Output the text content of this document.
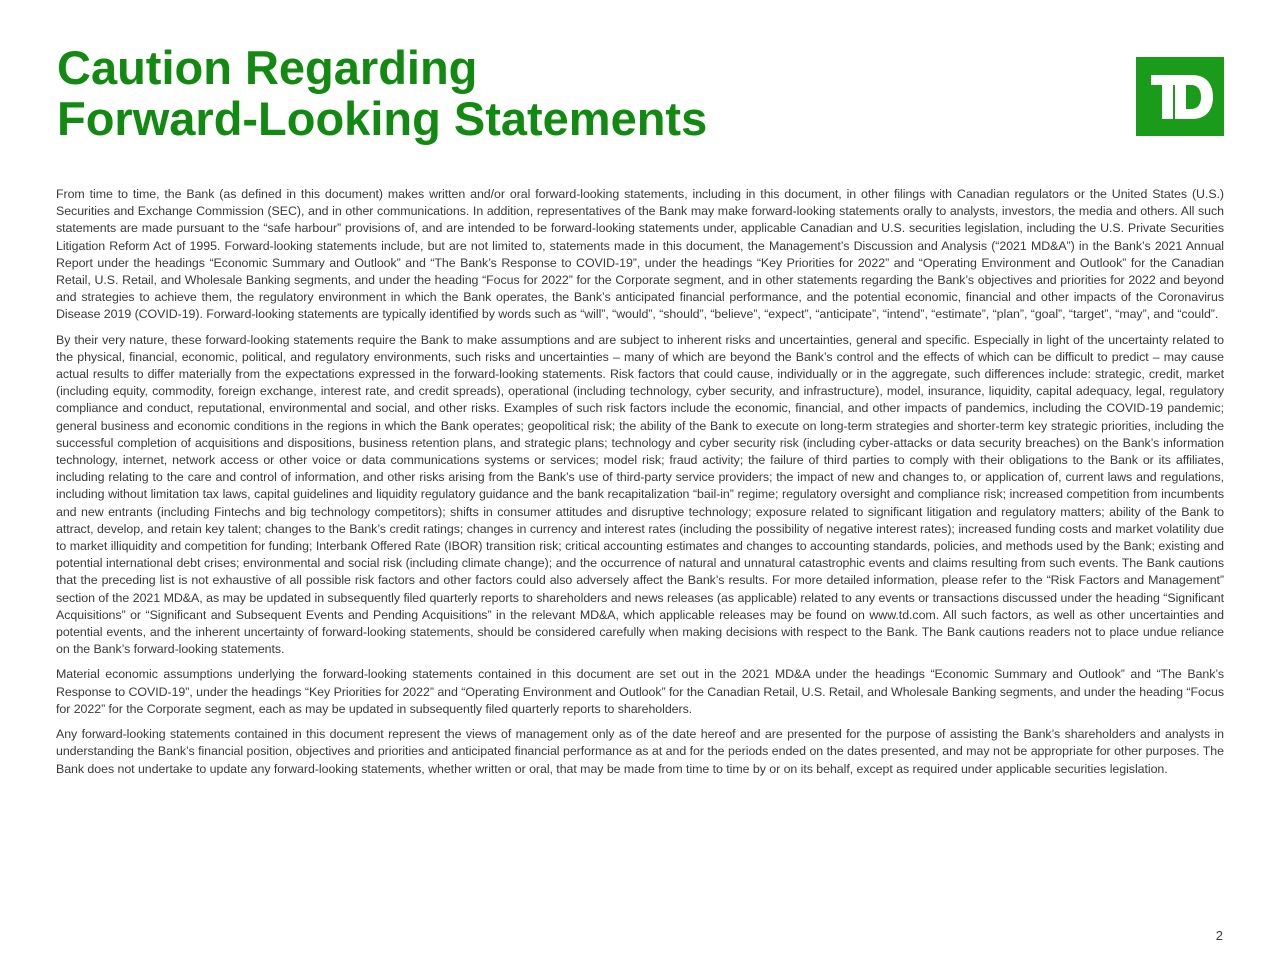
Caution Regarding
Forward-Looking Statements

From time to time, the Bank (as defined in this document) makes written and/or oral forward-looking statements, including in this document, in other filings with Canadian regulators or the United States (U.S.) Securities and Exchange Commission (SEC), and in other communications. In addition, representatives of the Bank may make forward-looking statements orally to analysts, investors, the media and others. All such statements are made pursuant to the “safe harbour” provisions of, and are intended to be forward-looking statements under, applicable Canadian and U.S. securities legislation, including the U.S. Private Securities Litigation Reform Act of 1995. Forward-looking statements include, but are not limited to, statements made in this document, the Management’s Discussion and Analysis (“2021 MD&A”) in the Bank’s 2021 Annual Report under the headings “Economic Summary and Outlook” and “The Bank’s Response to COVID-19”, under the headings “Key Priorities for 2022” and “Operating Environment and Outlook” for the Canadian Retail, U.S. Retail, and Wholesale Banking segments, and under the heading “Focus for 2022” for the Corporate segment, and in other statements regarding the Bank’s objectives and priorities for 2022 and beyond and strategies to achieve them, the regulatory environment in which the Bank operates, the Bank’s anticipated financial performance, and the potential economic, financial and other impacts of the Coronavirus Disease 2019 (COVID-19). Forward-looking statements are typically identified by words such as “will”, “would”, “should”, “believe”, “expect”, “anticipate”, “intend”, “estimate”, “plan”, “goal”, “target”, “may”, and “could”.

By their very nature, these forward-looking statements require the Bank to make assumptions and are subject to inherent risks and uncertainties, general and specific. Especially in light of the uncertainty related to the physical, financial, economic, political, and regulatory environments, such risks and uncertainties – many of which are beyond the Bank’s control and the effects of which can be difficult to predict – may cause actual results to differ materially from the expectations expressed in the forward-looking statements. Risk factors that could cause, individually or in the aggregate, such differences include: strategic, credit, market (including equity, commodity, foreign exchange, interest rate, and credit spreads), operational (including technology, cyber security, and infrastructure), model, insurance, liquidity, capital adequacy, legal, regulatory compliance and conduct, reputational, environmental and social, and other risks. Examples of such risk factors include the economic, financial, and other impacts of pandemics, including the COVID-19 pandemic; general business and economic conditions in the regions in which the Bank operates; geopolitical risk; the ability of the Bank to execute on long-term strategies and shorter-term key strategic priorities, including the successful completion of acquisitions and dispositions, business retention plans, and strategic plans; technology and cyber security risk (including cyber-attacks or data security breaches) on the Bank’s information technology, internet, network access or other voice or data communications systems or services; model risk; fraud activity; the failure of third parties to comply with their obligations to the Bank or its affiliates, including relating to the care and control of information, and other risks arising from the Bank’s use of third-party service providers; the impact of new and changes to, or application of, current laws and regulations, including without limitation tax laws, capital guidelines and liquidity regulatory guidance and the bank recapitalization “bail-in” regime; regulatory oversight and compliance risk; increased competition from incumbents and new entrants (including Fintechs and big technology competitors); shifts in consumer attitudes and disruptive technology; exposure related to significant litigation and regulatory matters; ability of the Bank to attract, develop, and retain key talent; changes to the Bank’s credit ratings; changes in currency and interest rates (including the possibility of negative interest rates); increased funding costs and market volatility due to market illiquidity and competition for funding; Interbank Offered Rate (IBOR) transition risk; critical accounting estimates and changes to accounting standards, policies, and methods used by the Bank; existing and potential international debt crises; environmental and social risk (including climate change); and the occurrence of natural and unnatural catastrophic events and claims resulting from such events. The Bank cautions that the preceding list is not exhaustive of all possible risk factors and other factors could also adversely affect the Bank’s results. For more detailed information, please refer to the “Risk Factors and Management” section of the 2021 MD&A, as may be updated in subsequently filed quarterly reports to shareholders and news releases (as applicable) related to any events or transactions discussed under the heading “Significant Acquisitions” or “Significant and Subsequent Events and Pending Acquisitions” in the relevant MD&A, which applicable releases may be found on www.td.com. All such factors, as well as other uncertainties and potential events, and the inherent uncertainty of forward-looking statements, should be considered carefully when making decisions with respect to the Bank. The Bank cautions readers not to place undue reliance on the Bank’s forward-looking statements.

Material economic assumptions underlying the forward-looking statements contained in this document are set out in the 2021 MD&A under the headings “Economic Summary and Outlook” and “The Bank’s Response to COVID-19”, under the headings “Key Priorities for 2022” and “Operating Environment and Outlook” for the Canadian Retail, U.S. Retail, and Wholesale Banking segments, and under the heading “Focus for 2022” for the Corporate segment, each as may be updated in subsequently filed quarterly reports to shareholders.

Any forward-looking statements contained in this document represent the views of management only as of the date hereof and are presented for the purpose of assisting the Bank’s shareholders and analysts in understanding the Bank’s financial position, objectives and priorities and anticipated financial performance as at and for the periods ended on the dates presented, and may not be appropriate for other purposes. The Bank does not undertake to update any forward-looking statements, whether written or oral, that may be made from time to time by or on its behalf, except as required under applicable securities legislation.

2
